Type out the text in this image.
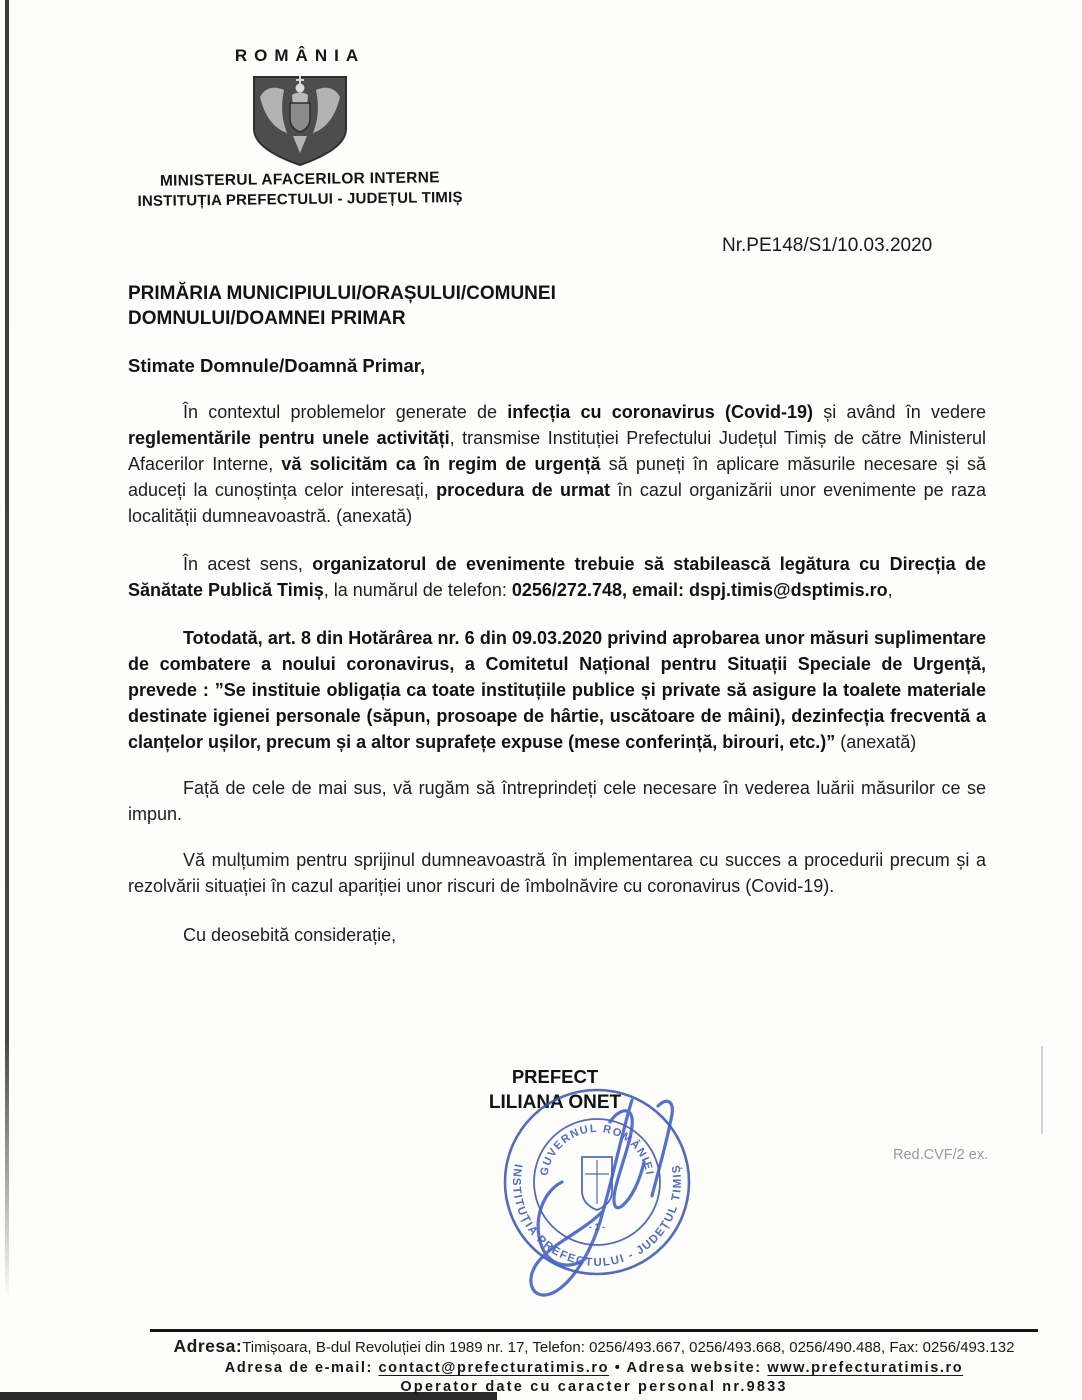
ROMÂNIA
MINISTERUL AFACERILOR INTERNE
INSTITUȚIA PREFECTULUI - JUDEȚUL TIMIȘ
Nr.PE148/S1/10.03.2020
PRIMĂRIA MUNICIPIULUI/ORAȘULUI/COMUNEI
DOMNULUI/DOAMNEI PRIMAR
Stimate Domnule/Doamnă Primar,

În contextul problemelor generate de infecția cu coronavirus (Covid-19) și având în vedere reglementările pentru unele activități, transmise Instituției Prefectului Județul Timiș de către Ministerul Afacerilor Interne, vă solicităm ca în regim de urgență să puneți în aplicare măsurile necesare și să aduceți la cunoștința celor interesați, procedura de urmat în cazul organizării unor evenimente pe raza localității dumneavoastră. (anexată)

În acest sens, organizatorul de evenimente trebuie să stabilească legătura cu Direcția de Sănătate Publică Timiș, la numărul de telefon: 0256/272.748, email: dspj.timis@dsptimis.ro,

Totodată, art. 8 din Hotărârea nr. 6 din 09.03.2020 privind aprobarea unor măsuri suplimentare de combatere a noului coronavirus, a Comitetul Național pentru Situații Speciale de Urgență, prevede : ”Se instituie obligația ca toate instituțiile publice și private să asigure la toalete materiale destinate igienei personale (săpun, prosoape de hârtie, uscătoare de mâini), dezinfecția frecventă a clanțelor ușilor, precum și a altor suprafețe expuse (mese conferință, birouri, etc.)” (anexată)

Față de cele de mai sus, vă rugăm să întreprindeți cele necesare în vederea luării măsurilor ce se impun.

Vă mulțumim pentru sprijinul dumneavoastră în implementarea cu succes a procedurii precum și a rezolvării situației în cazul apariției unor riscuri de îmbolnăvire cu coronavirus (Covid-19).

Cu deosebită considerație,
PREFECT
LILIANA ONET
INSTITUȚIA PREFECTULUI - JUDEȚUL TIMIȘ
GUVERNUL ROMÂNIEI
- 1 -
Red.CVF/2 ex.
Adresa:Timișoara, B-dul Revoluției din 1989 nr. 17, Telefon: 0256/493.667, 0256/493.668, 0256/490.488, Fax: 0256/493.132
Adresa de e-mail: contact@prefecturatimis.ro • Adresa website: www.prefecturatimis.ro
Operator date cu caracter personal nr.9833
